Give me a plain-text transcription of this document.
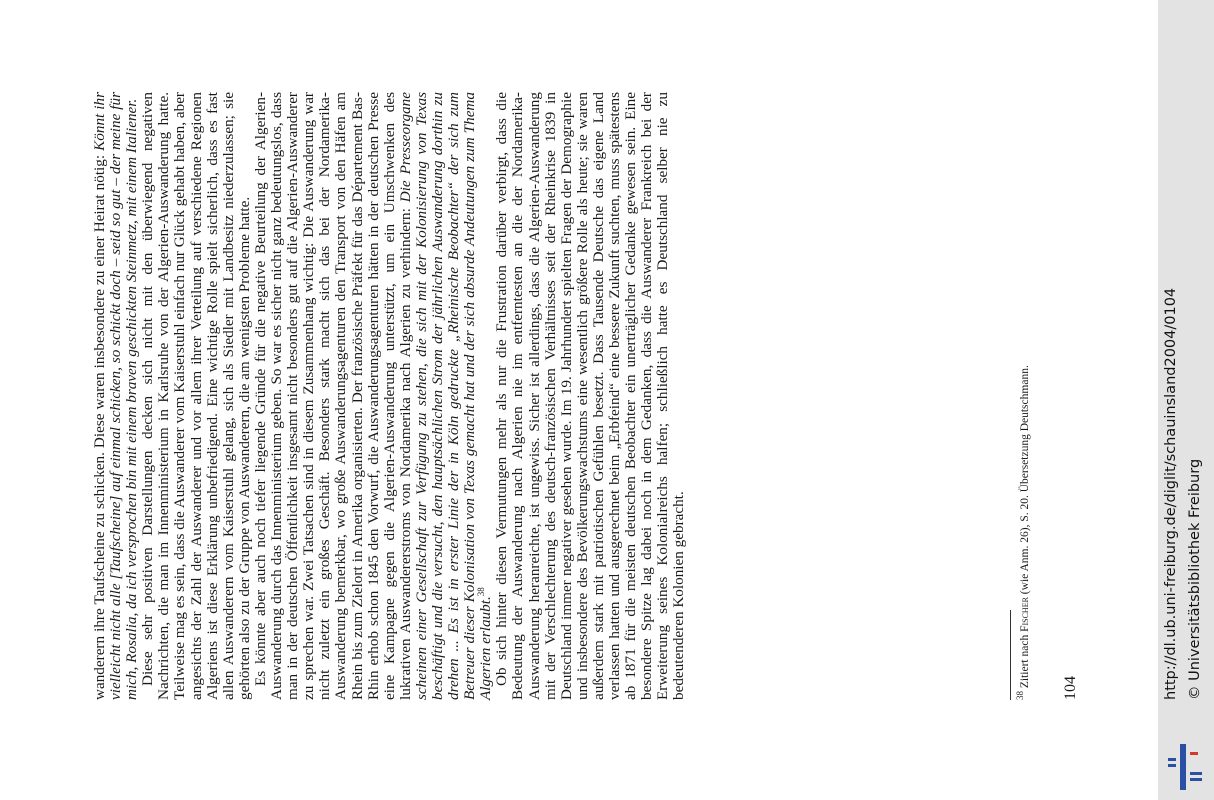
wanderern ihre Taufscheine zu schicken. Diese waren insbesondere zu einer Heirat nötig: Könnt ihr vielleicht nicht alle [Taufscheine] auf einmal schicken, so schickt doch – seid so gut – der meine für mich, Rosalia, da ich versprochen bin mit einem braven geschickten Steinmetz, mit einem Italiener. Diese sehr positiven Darstellungen decken sich nicht mit den überwiegend negativen Nachrichten, die man im Innenministerium in Karlsruhe von der Algerien-Auswanderung hatte. Teilweise mag es sein, dass die Auswanderer vom Kaiserstuhl einfach nur Glück gehabt haben, aber angesichts der Zahl der Auswanderer und vor allem ihrer Verteilung auf verschiedene Regionen Algeriens ist diese Erklärung unbefriedigend. Eine wichtige Rolle spielt sicherlich, dass es fast allen Auswanderern vom Kaiserstuhl gelang, sich als Siedler mit Landbesitz niederzulassen; sie gehörten also zu der Gruppe von Auswanderern, die am wenigsten Probleme hatte. Es könnte aber auch noch tiefer liegende Gründe für die negative Beurteilung der Algerien-Auswanderung durch das Innenministerium geben. So war es sicher nicht ganz bedeutungslos, dass man in der deutschen Öffentlichkeit insgesamt nicht besonders gut auf die Algerien-Auswanderer zu sprechen war. Zwei Tatsachen sind in diesem Zusammenhang wichtig: Die Auswanderung war nicht zuletzt ein großes Geschäft. Besonders stark macht sich das bei der Nordamerika-Auswanderung bemerkbar, wo große Auswanderungsagenturen den Transport von den Häfen am Rhein bis zum Zielort in Amerika organisierten. Der französische Präfekt für das Département Bas-Rhin erhob schon 1845 den Vorwurf, die Auswanderungsagenturen hätten in der deutschen Presse eine Kampagne gegen die Algerien-Auswanderung unterstützt, um ein Umschwenken des lukrativen Auswandererstroms von Nordamerika nach Algerien zu verhindern: Die Presseorgane scheinen einer Gesellschaft zur Verfügung zu stehen, die sich mit der Kolonisierung von Texas beschäftigt und die versucht, den hauptsächlichen Strom der jährlichen Auswanderung dorthin zu drehen ... Es ist in erster Linie der in Köln gedruckte „Rheinische Beobachter“ der sich zum Betreuer dieser Kolonisation von Texas gemacht hat und der sich absurde Andeutungen zum Thema Algerien erlaubt.$^{38}$ Ob sich hinter diesen Vermutungen mehr als nur die Frustration darüber verbirgt, dass die Bedeutung der Auswanderung nach Algerien nie im entferntesten an die der Nordamerika-Auswanderung heranreichte, ist ungewiss. Sicher ist allerdings, dass die Algerien-Auswanderung mit der Verschlechterung des deutsch-französischen Verhältnisses seit der Rheinkrise 1839 in Deutschland immer negativer gesehen wurde. Im 19. Jahrhundert spielten Fragen der Demographie und insbesondere des Bevölkerungswachstums eine wesentlich größere Rolle als heute; sie waren außerdem stark mit patriotischen Gefühlen besetzt. Dass Tausende Deutsche das eigene Land verlassen hatten und ausgerechnet beim „Erbfeind“ eine bessere Zukunft suchten, muss spätestens ab 1871 für die meisten deutschen Beobachter ein unerträglicher Gedanke gewesen sein. Eine besondere Spitze lag dabei noch in dem Gedanken, dass die Auswanderer Frankreich bei der Erweiterung seines Kolonialreichs halfen; schließlich hatte es Deutschland selber nie zu bedeutenderen Kolonien gebracht.	$^{38}$ Zitiert nach Fischer (wie Anm. 26), S. 20. Übersetzung Deutschmann.
104	http://dl.ub.uni-freiburg.de/diglit/schauinsland2004/0104 © Universitätsbibliothek Freiburg
